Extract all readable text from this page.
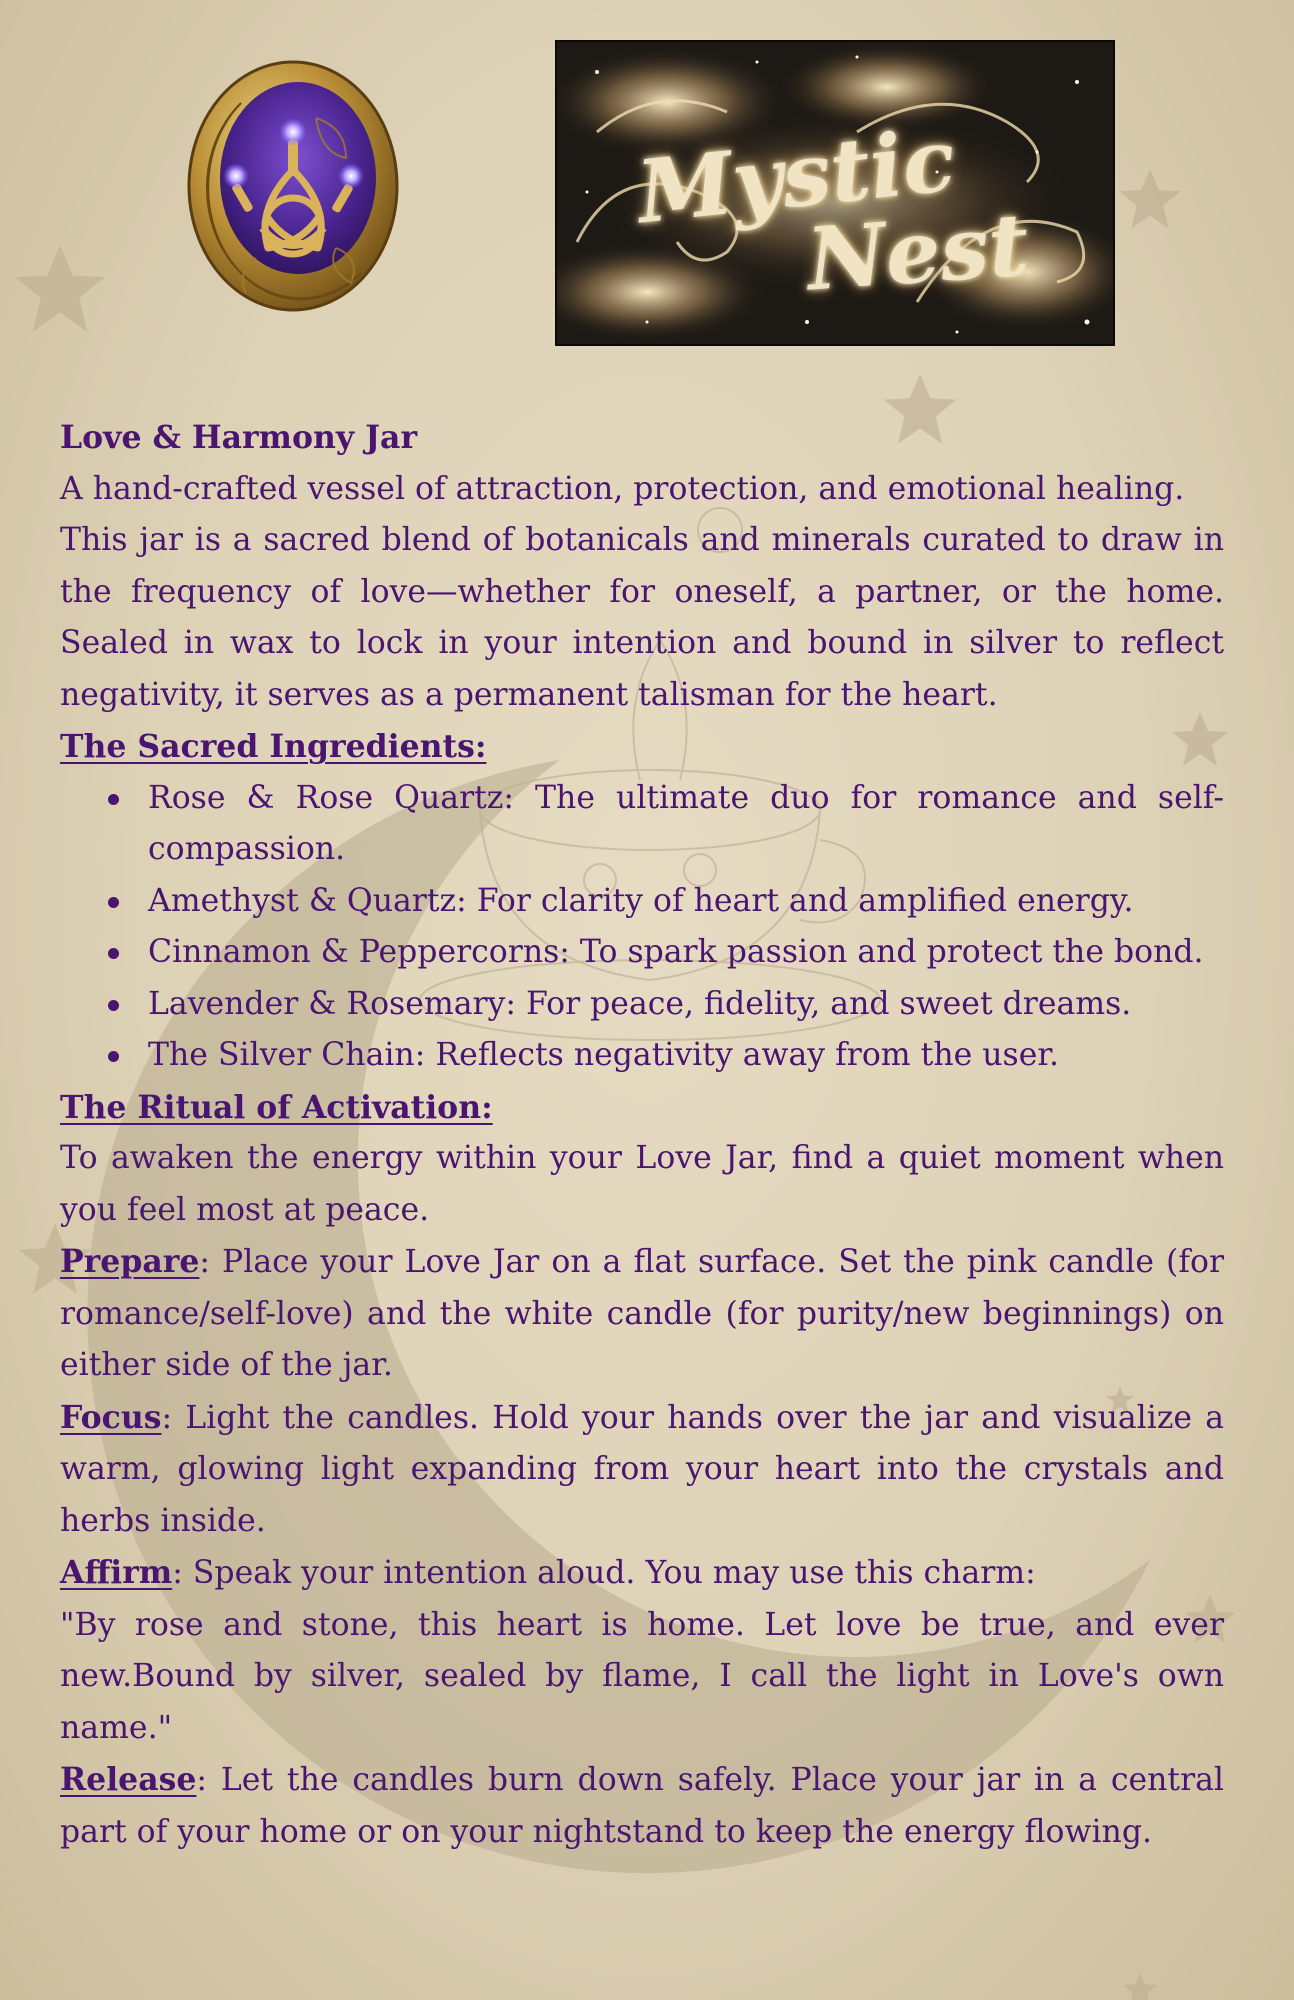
Mystic
Nest

Love & Harmony Jar

A hand-crafted vessel of attraction, protection, and emotional healing.

This jar is a sacred blend of botanicals and minerals curated to draw in the frequency of love—whether for oneself, a partner, or the home. Sealed in wax to lock in your intention and bound in silver to reflect negativity, it serves as a permanent talisman for the heart.

The Sacred Ingredients:

Rose & Rose Quartz: The ultimate duo for romance and self-compassion.
Amethyst & Quartz: For clarity of heart and amplified energy.
Cinnamon & Peppercorns: To spark passion and protect the bond.
Lavender & Rosemary: For peace, fidelity, and sweet dreams.
The Silver Chain: Reflects negativity away from the user.

The Ritual of Activation:

To awaken the energy within your Love Jar, find a quiet moment when you feel most at peace.

Prepare: Place your Love Jar on a flat surface. Set the pink candle (for romance/self-love) and the white candle (for purity/new beginnings) on either side of the jar.

Focus: Light the candles. Hold your hands over the jar and visualize a warm, glowing light expanding from your heart into the crystals and herbs inside.

Affirm: Speak your intention aloud. You may use this charm:

"By rose and stone, this heart is home. Let love be true, and ever new.Bound by silver, sealed by flame, I call the light in Love's own name."

Release: Let the candles burn down safely. Place your jar in a central part of your home or on your nightstand to keep the energy flowing.
